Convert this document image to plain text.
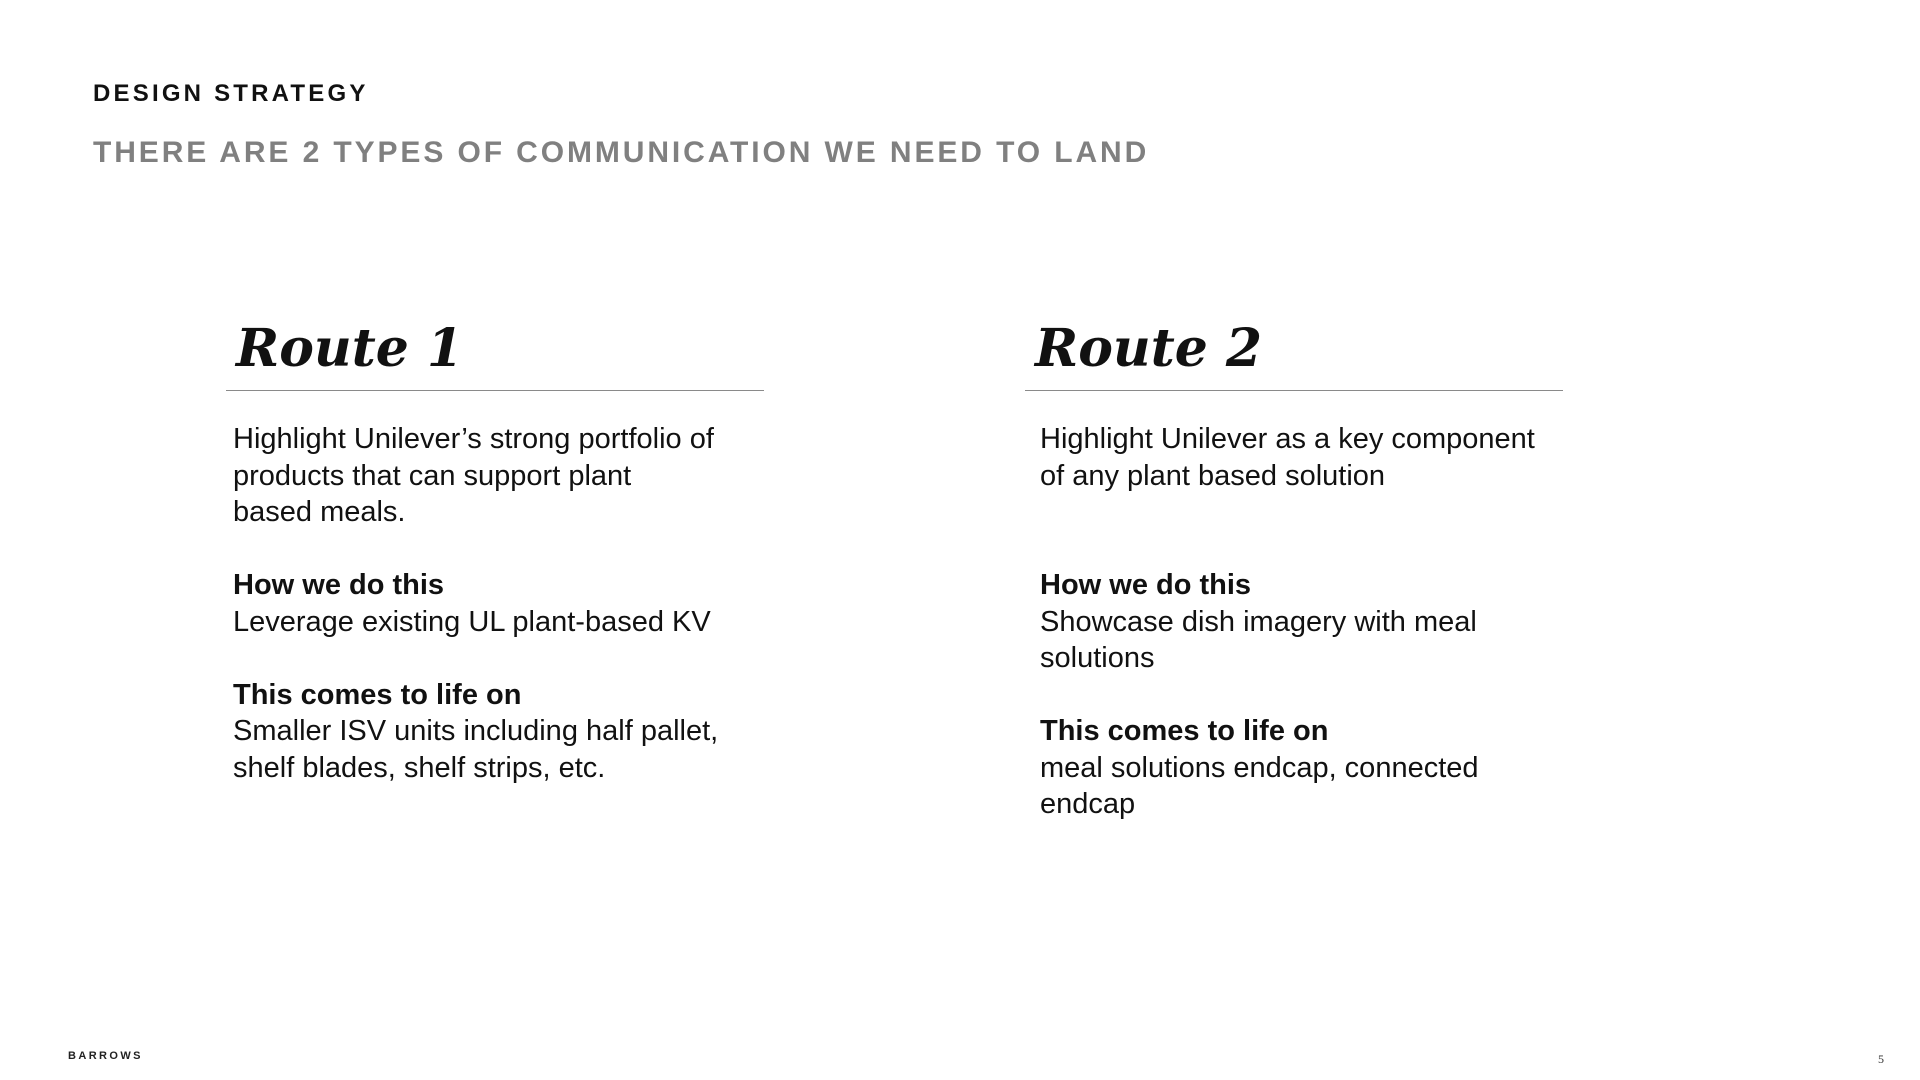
DESIGN STRATEGY
THERE ARE 2 TYPES OF COMMUNICATION WE NEED TO LAND
Route 1

Highlight Unilever’s strong portfolio of
products that can support plant
based meals.

How we do this

Leverage existing UL plant-based KV

This comes to life on

Smaller ISV units including half pallet,
shelf blades, shelf strips, etc.

Route 2

Highlight Unilever as a key component
of any plant based solution

How we do this

Showcase dish imagery with meal solutions

This comes to life on

meal solutions endcap, connected endcap

BARROWS	5
